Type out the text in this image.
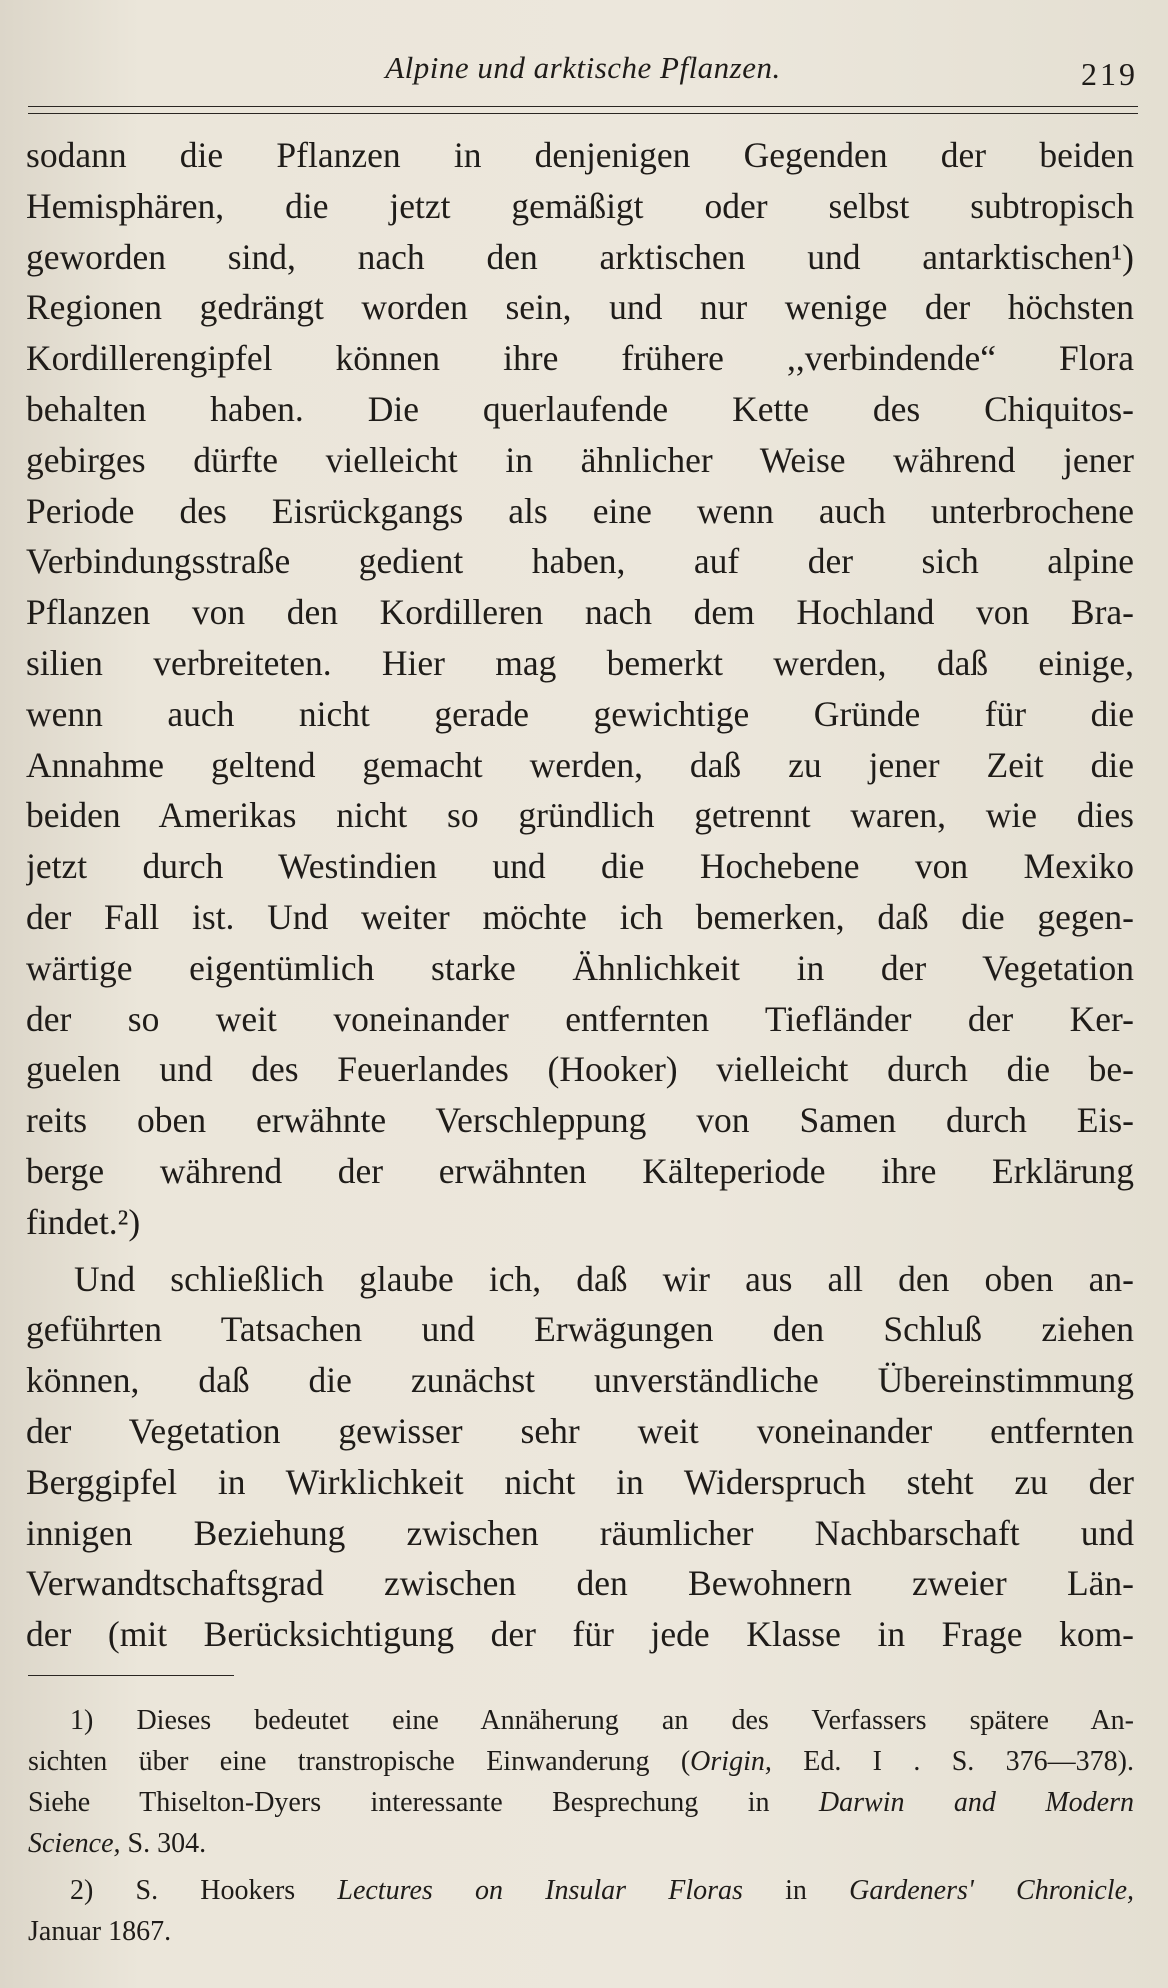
Alpine und arktische Pflanzen.	219
sodann die Pflanzen in denjenigen Gegenden der beiden
Hemisphären, die jetzt gemäßigt oder selbst subtropisch
geworden sind, nach den arktischen und antarktischen¹)
Regionen gedrängt worden sein, und nur wenige der höchsten
Kordillerengipfel können ihre frühere ,,verbindende“ Flora
behalten haben. Die querlaufende Kette des Chiquitos-
gebirges dürfte vielleicht in ähnlicher Weise während jener
Periode des Eisrückgangs als eine wenn auch unterbrochene
Verbindungsstraße gedient haben, auf der sich alpine
Pflanzen von den Kordilleren nach dem Hochland von Bra-
silien verbreiteten. Hier mag bemerkt werden, daß einige,
wenn auch nicht gerade gewichtige Gründe für die
Annahme geltend gemacht werden, daß zu jener Zeit die
beiden Amerikas nicht so gründlich getrennt waren, wie dies
jetzt durch Westindien und die Hochebene von Mexiko
der Fall ist. Und weiter möchte ich bemerken, daß die gegen-
wärtige eigentümlich starke Ähnlichkeit in der Vegetation
der so weit voneinander entfernten Tiefländer der Ker-
guelen und des Feuerlandes (Hooker) vielleicht durch die be-
reits oben erwähnte Verschleppung von Samen durch Eis-
berge während der erwähnten Kälteperiode ihre Erklärung
findet.²)
Und schließlich glaube ich, daß wir aus all den oben an-
geführten Tatsachen und Erwägungen den Schluß ziehen
können, daß die zunächst unverständliche Übereinstimmung
der Vegetation gewisser sehr weit voneinander entfernten
Berggipfel in Wirklichkeit nicht in Widerspruch steht zu der
innigen Beziehung zwischen räumlicher Nachbarschaft und
Verwandtschaftsgrad zwischen den Bewohnern zweier Län-
der (mit Berücksichtigung der für jede Klasse in Frage kom-
1) Dieses bedeutet eine Annäherung an des Verfassers spätere An-
sichten über eine transtropische Einwanderung (Origin, Ed. I . S. 376—378).
Siehe Thiselton-Dyers interessante Besprechung in Darwin and Modern
Science, S. 304.
2) S. Hookers Lectures on Insular Floras in Gardeners' Chronicle,
Januar 1867.
